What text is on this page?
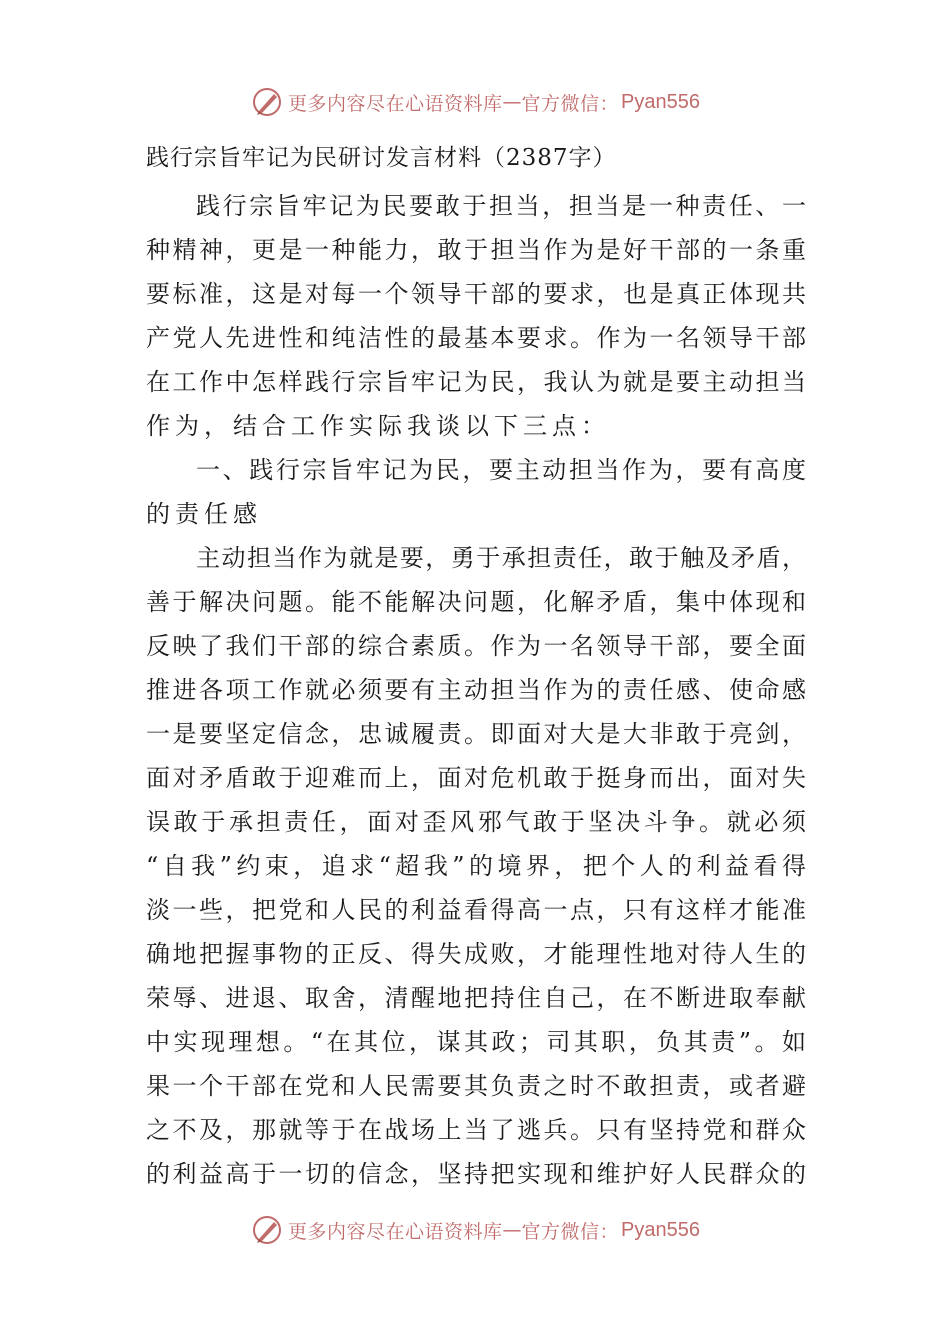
更多内容尽在心语资料库 — 官方微信： Pyan556
践行宗旨牢记为民研讨发言材料（2387字）
践行宗旨牢记为民要敢于担当，担当是一种责任、一
种精神，更是一种能力，敢于担当作为是好干部的一条重
要标准，这是对每一个领导干部的要求，也是真正体现共
产党人先进性和纯洁性的最基本要求。作为一名领导干部
在工作中怎样践行宗旨牢记为民，我认为就是要主动担当
作为，结合工作实际我谈以下三点：
一、践行宗旨牢记为民，要主动担当作为，要有高度
的责任感
主动担当作为就是要，勇于承担责任，敢于触及矛盾，
善于解决问题。能不能解决问题，化解矛盾，集中体现和
反映了我们干部的综合素质。作为一名领导干部，要全面
推进各项工作就必须要有主动担当作为的责任感、使命感
一是要坚定信念，忠诚履责。即面对大是大非敢于亮剑，
面对矛盾敢于迎难而上，面对危机敢于挺身而出，面对失
误敢于承担责任，面对歪风邪气敢于坚决斗争。就必须
“自我”约束，追求“超我”的境界，把个人的利益看得
淡一些，把党和人民的利益看得高一点，只有这样才能准
确地把握事物的正反、得失成败，才能理性地对待人生的
荣辱、进退、取舍，清醒地把持住自己，在不断进取奉献
中实现理想。“在其位，谋其政；司其职，负其责”。如
果一个干部在党和人民需要其负责之时不敢担责，或者避
之不及，那就等于在战场上当了逃兵。只有坚持党和群众
的利益高于一切的信念，坚持把实现和维护好人民群众的
更多内容尽在心语资料库 — 官方微信： Pyan556
